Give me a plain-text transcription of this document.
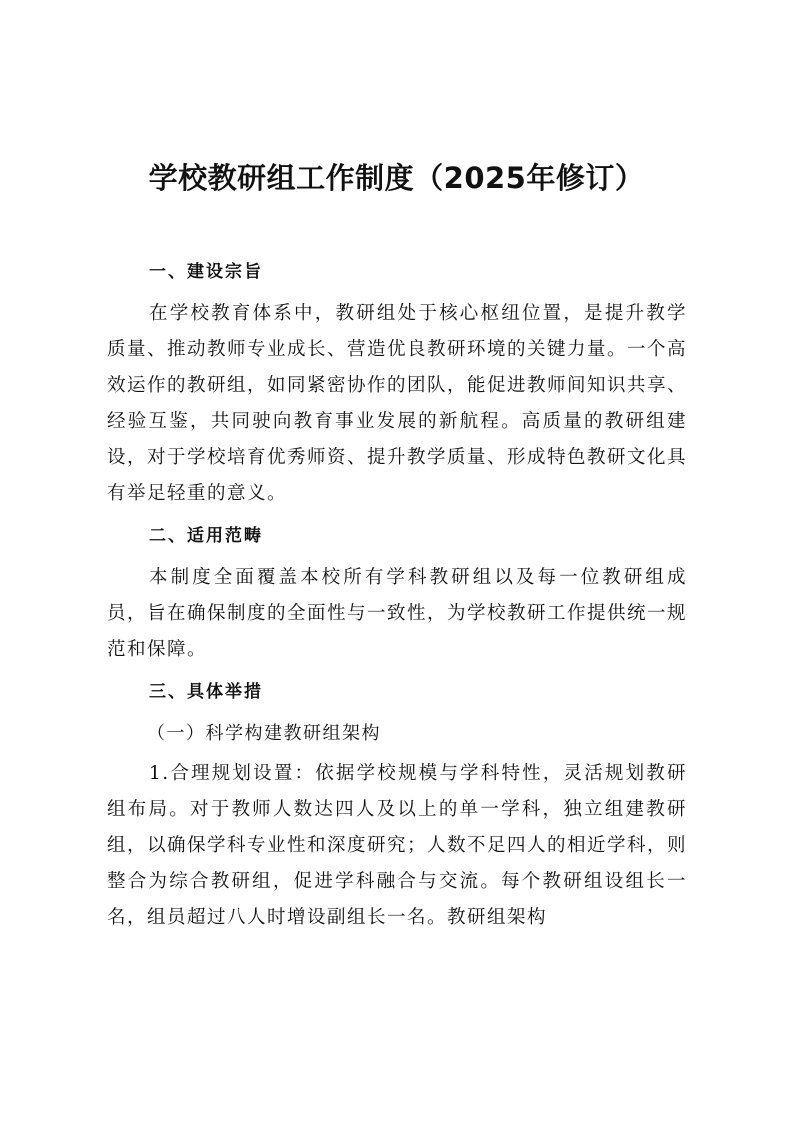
学校教研组工作制度（2025年修订）
一、建设宗旨

在学校教育体系中，教研组处于核心枢纽位置，是提升教学质量、推动教师专业成长、营造优良教研环境的关键力量。一个高效运作的教研组，如同紧密协作的团队，能促进教师间知识共享、经验互鉴，共同驶向教育事业发展的新航程。高质量的教研组建设，对于学校培育优秀师资、提升教学质量、形成特色教研文化具有举足轻重的意义。

二、适用范畴

本制度全面覆盖本校所有学科教研组以及每一位教研组成员，旨在确保制度的全面性与一致性，为学校教研工作提供统一规范和保障。

三、具体举措
（一）科学构建教研组架构

1.合理规划设置：依据学校规模与学科特性，灵活规划教研组布局。对于教师人数达四人及以上的单一学科，独立组建教研组，以确保学科专业性和深度研究；人数不足四人的相近学科，则整合为综合教研组，促进学科融合与交流。每个教研组设组长一名，组员超过八人时增设副组长一名。教研组架构
